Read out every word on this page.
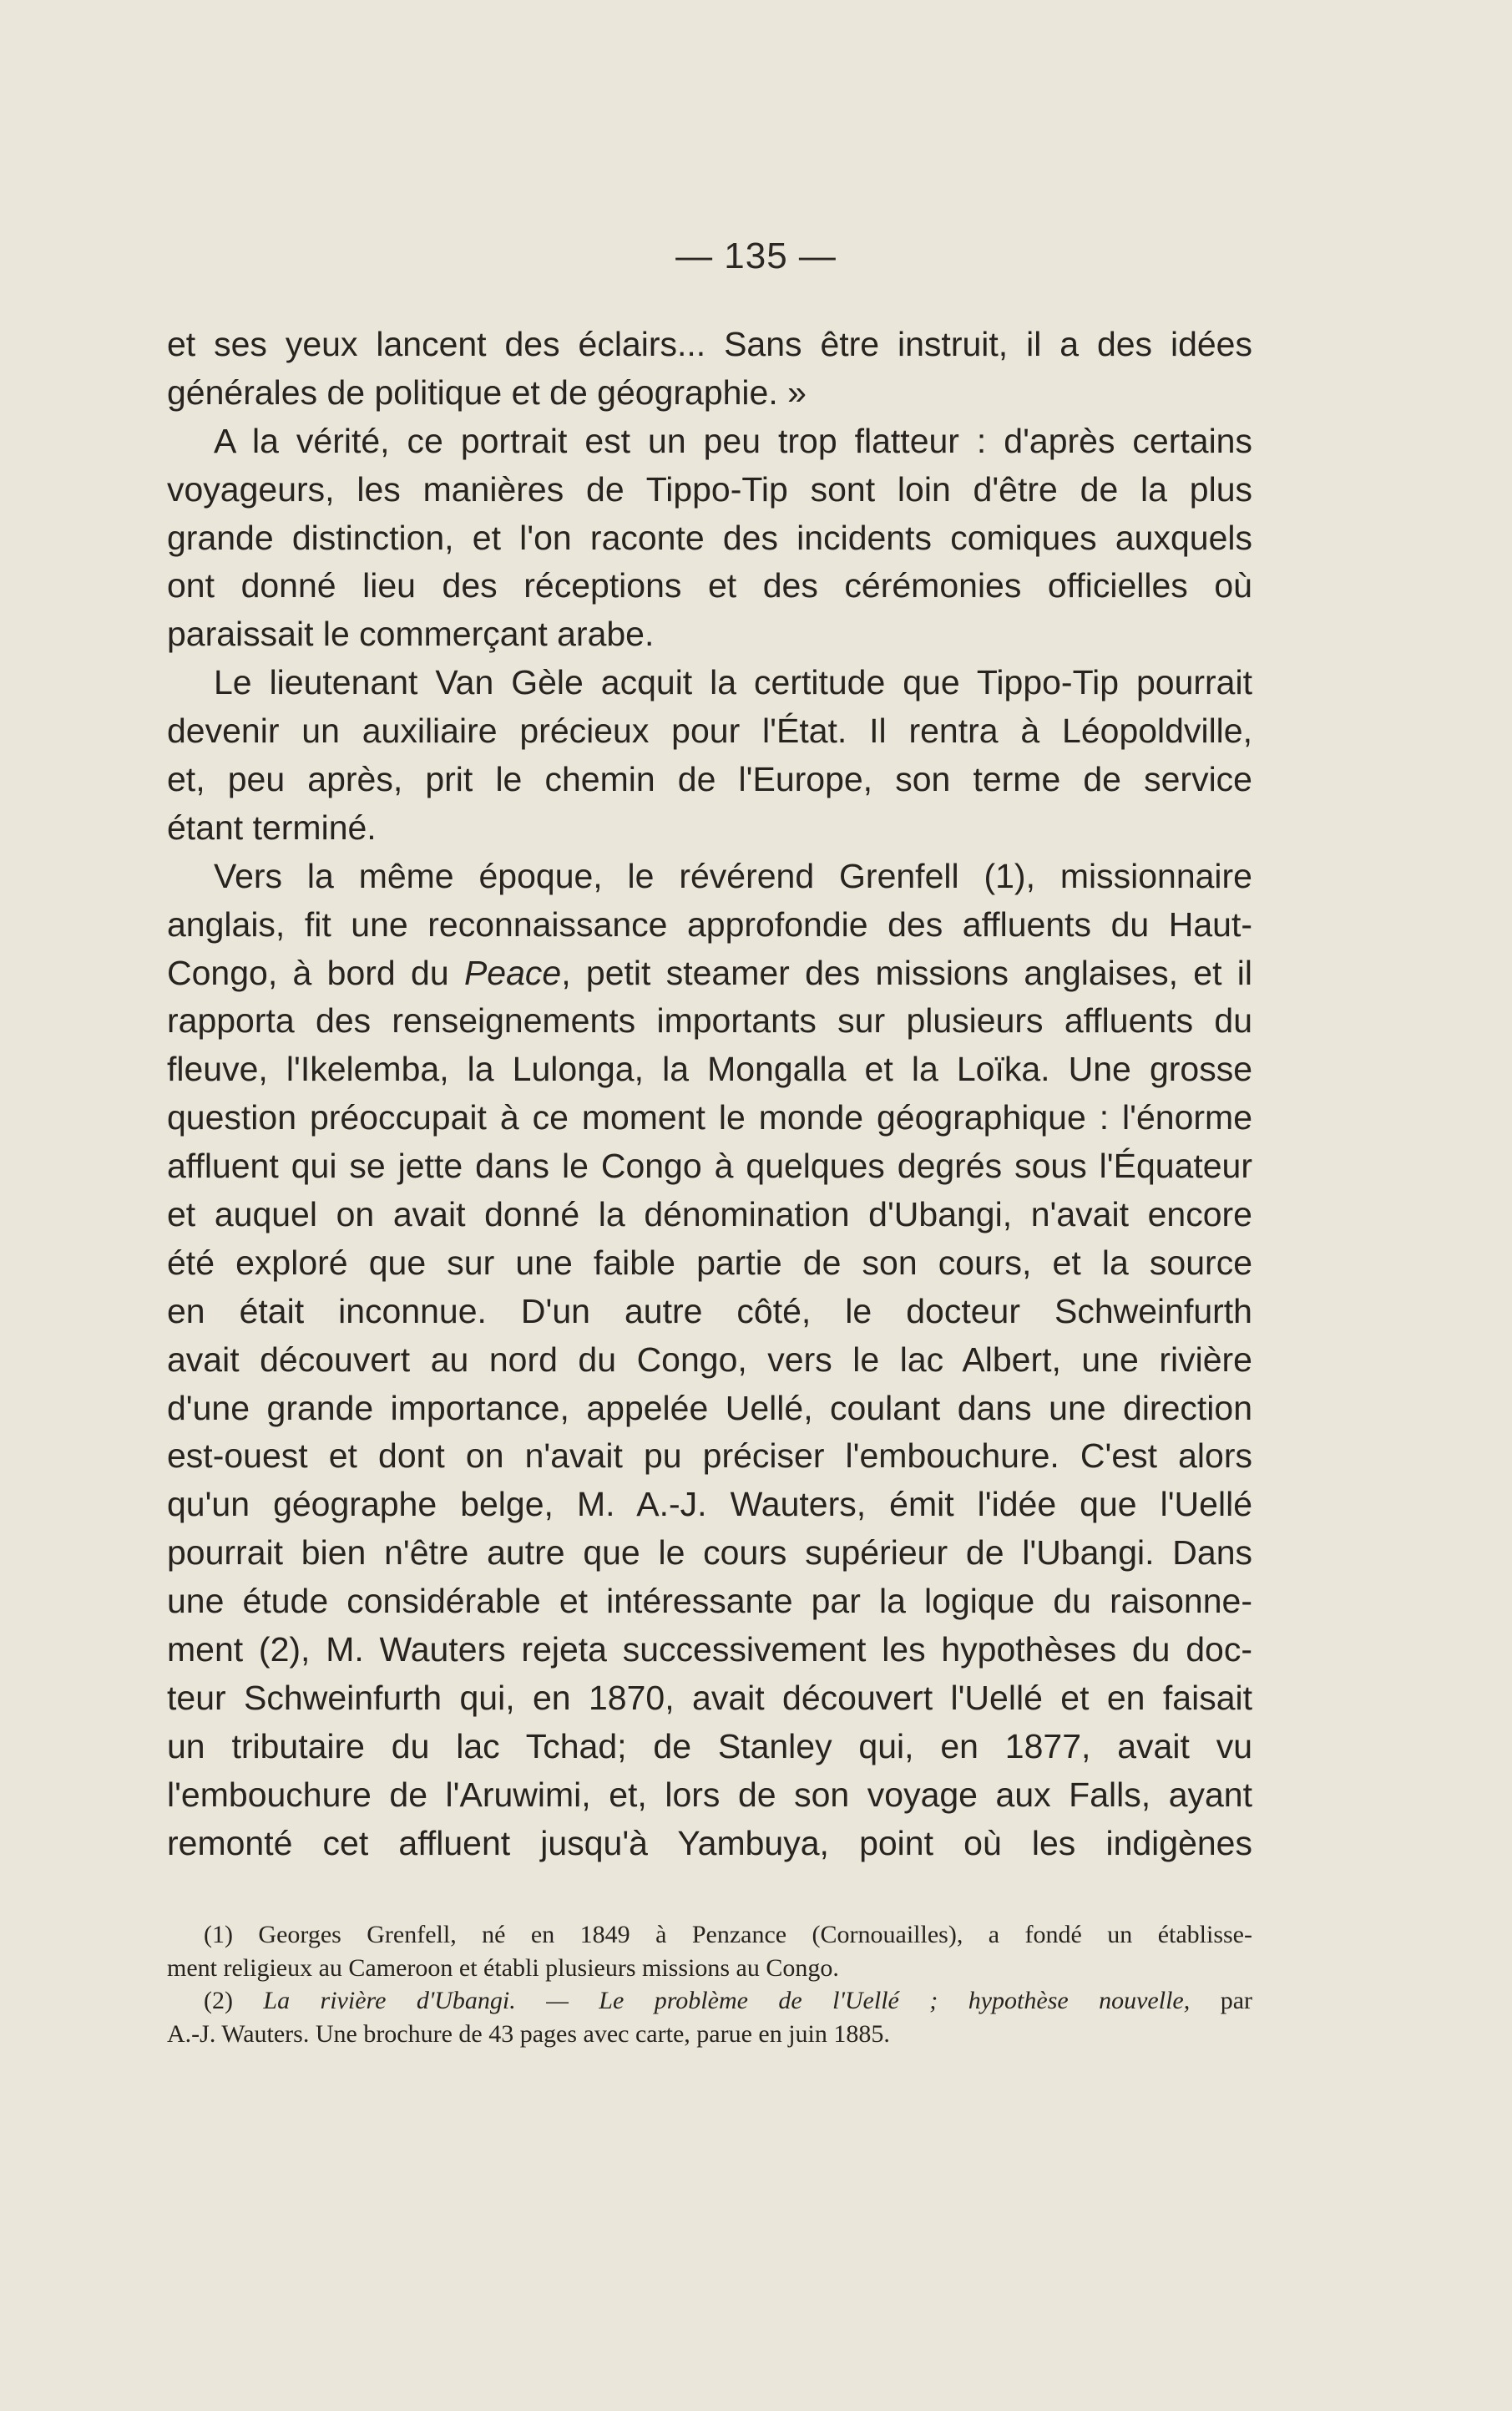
— 135 —
et ses yeux lancent des éclairs... Sans être instruit, il a des idées
générales de politique et de géographie. »
A la vérité, ce portrait est un peu trop flatteur : d'après certains
voyageurs, les manières de Tippo-Tip sont loin d'être de la plus
grande distinction, et l'on raconte des incidents comiques auxquels
ont donné lieu des réceptions et des cérémonies officielles où
paraissait le commerçant arabe.
Le lieutenant Van Gèle acquit la certitude que Tippo-Tip pourrait
devenir un auxiliaire précieux pour l'État. Il rentra à Léopoldville,
et, peu après, prit le chemin de l'Europe, son terme de service
étant terminé.
Vers la même époque, le révérend Grenfell (1), missionnaire
anglais, fit une reconnaissance approfondie des affluents du Haut-
Congo, à bord du Peace, petit steamer des missions anglaises, et il
rapporta des renseignements importants sur plusieurs affluents du
fleuve, l'Ikelemba, la Lulonga, la Mongalla et la Loïka. Une grosse
question préoccupait à ce moment le monde géographique : l'énorme
affluent qui se jette dans le Congo à quelques degrés sous l'Équateur
et auquel on avait donné la dénomination d'Ubangi, n'avait encore
été exploré que sur une faible partie de son cours, et la source
en était inconnue. D'un autre côté, le docteur Schweinfurth
avait découvert au nord du Congo, vers le lac Albert, une rivière
d'une grande importance, appelée Uellé, coulant dans une direction
est-ouest et dont on n'avait pu préciser l'embouchure. C'est alors
qu'un géographe belge, M. A.-J. Wauters, émit l'idée que l'Uellé
pourrait bien n'être autre que le cours supérieur de l'Ubangi. Dans
une étude considérable et intéressante par la logique du raisonne-
ment (2), M. Wauters rejeta successivement les hypothèses du doc-
teur Schweinfurth qui, en 1870, avait découvert l'Uellé et en faisait
un tributaire du lac Tchad; de Stanley qui, en 1877, avait vu
l'embouchure de l'Aruwimi, et, lors de son voyage aux Falls, ayant
remonté cet affluent jusqu'à Yambuya, point où les indigènes
(1) Georges Grenfell, né en 1849 à Penzance (Cornouailles), a fondé un établisse-
ment religieux au Cameroon et établi plusieurs missions au Congo.
(2) La rivière d'Ubangi. — Le problème de l'Uellé ; hypothèse nouvelle, par
A.-J. Wauters. Une brochure de 43 pages avec carte, parue en juin 1885.
